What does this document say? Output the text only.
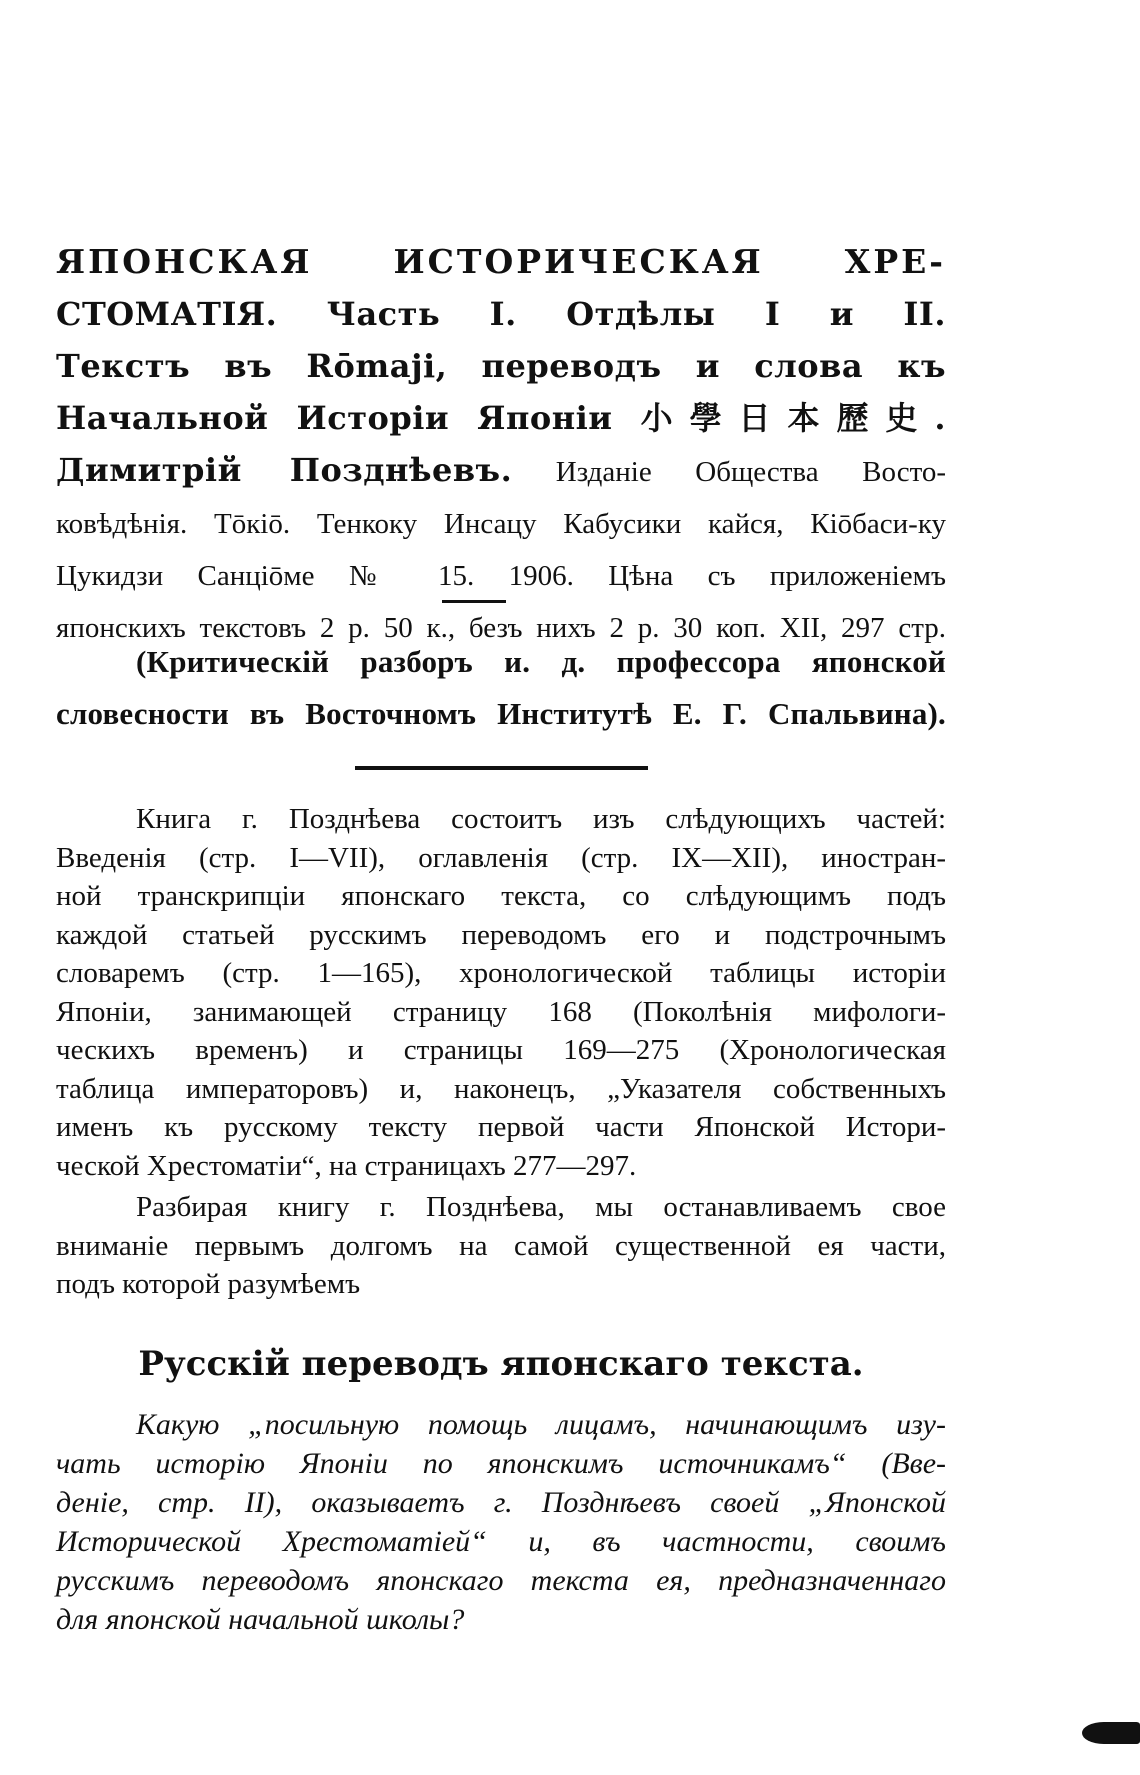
ЯПОНСКАЯ ИСТОРИЧЕСКАЯ ХРЕ-
СТОМАТІЯ. Часть I. Отдѣлы I и II.
Текстъ въ Rōmaji, переводъ и слова къ
Начальной Исторіи Японіи 小學日本歷史.
Димитрій Позднѣевъ. Изданіе Общества Восто-
ковѣдѣнія. Тōкіō. Тенкоку Инсацу Кабусики кайся, Кіōбаси-ку
Цукидзи Санціōме № 15. 1906. Цѣна съ приложеніемъ
японскихъ текстовъ 2 р. 50 к., безъ нихъ 2 р. 30 коп. XII, 297 стр.
(Критическій разборъ и. д. профессора японской
словесности въ Восточномъ Институтѣ Е. Г. Спальвина).
Книга г. Позднѣева состоитъ изъ слѣдующихъ частей:
Введенія (стр. I—VII), оглавленія (стр. IX—XII), иностран-
ной транскрипціи японскаго текста, со слѣдующимъ подъ
каждой статьей русскимъ переводомъ его и подстрочнымъ
словаремъ (стр. 1—165), хронологической таблицы исторіи
Японіи, занимающей страницу 168 (Поколѣнія мифологи-
ческихъ временъ) и страницы 169—275 (Хронологическая
таблица императоровъ) и, наконецъ, „Указателя собственныхъ
именъ къ русскому тексту первой части Японской Истори-
ческой Хрестоматіи“, на страницахъ 277—297.
Разбирая книгу г. Позднѣева, мы останавливаемъ свое
вниманіе первымъ долгомъ на самой существенной ея части,
подъ которой разумѣемъ
Русскій переводъ японскаго текста.
Какую „посильную помощь лицамъ, начинающимъ изу-
чать исторію Японіи по японскимъ источникамъ“ (Вве-
деніе, стр. II), оказываетъ г. Позднѣевъ своей „Японской
Исторической Хрестоматіей“ и, въ частности, своимъ
русскимъ переводомъ японскаго текста ея, предназначеннаго
для японской начальной школы?
